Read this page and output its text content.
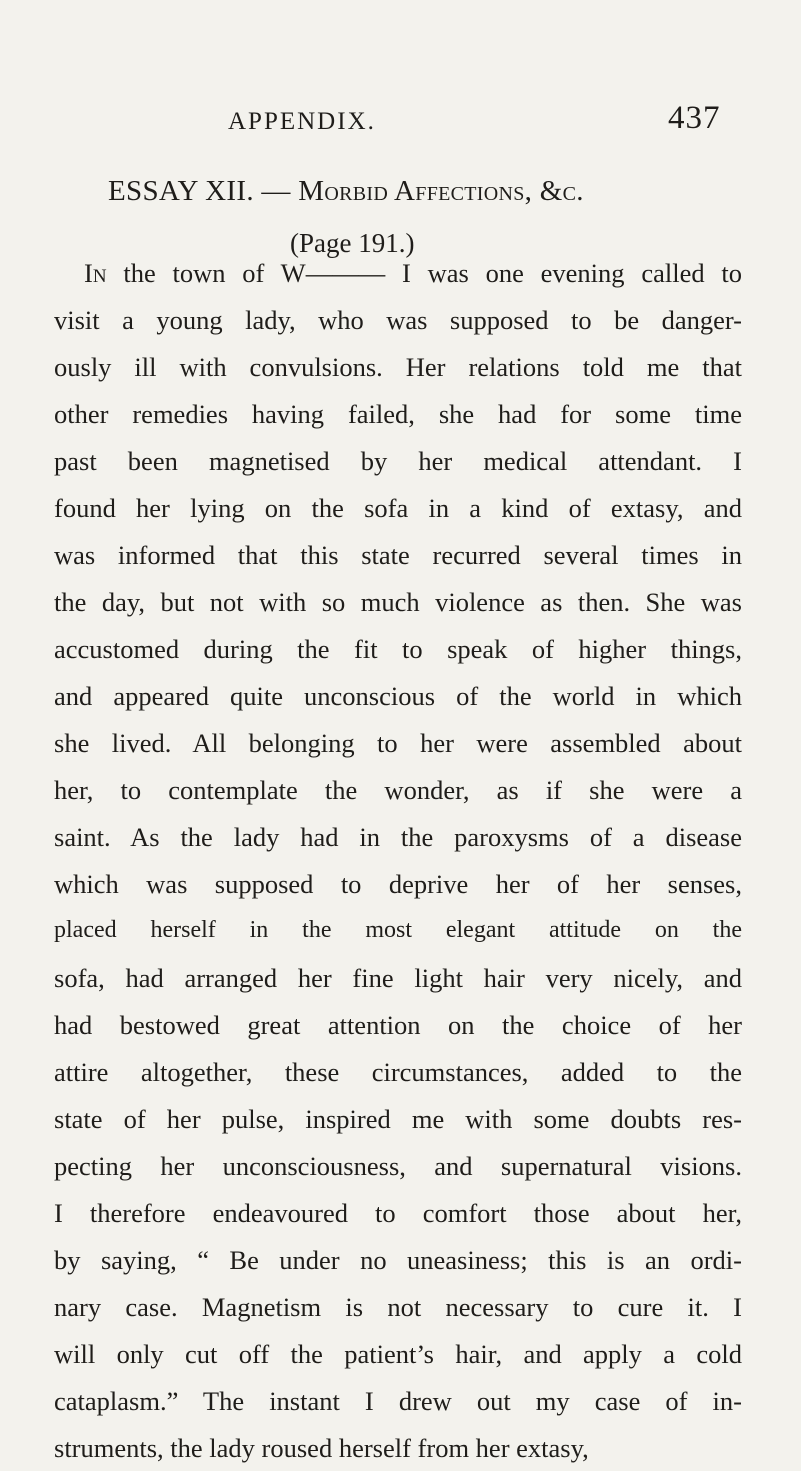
APPENDIX.	437
ESSAY XII. — Morbid Affections, &c.
(Page 191.)
In the town of W——— I was one evening called to
visit a young lady, who was supposed to be danger-
ously ill with convulsions. Her relations told me that
other remedies having failed, she had for some time
past been magnetised by her medical attendant. I
found her lying on the sofa in a kind of extasy, and
was informed that this state recurred several times in
the day, but not with so much violence as then. She was
accustomed during the fit to speak of higher things,
and appeared quite unconscious of the world in which
she lived. All belonging to her were assembled about
her, to contemplate the wonder, as if she were a
saint. As the lady had in the paroxysms of a disease
which was supposed to deprive her of her senses,
placed herself in the most elegant attitude on the
sofa, had arranged her fine light hair very nicely, and
had bestowed great attention on the choice of her
attire altogether, these circumstances, added to the
state of her pulse, inspired me with some doubts res-
pecting her unconsciousness, and supernatural visions.
I therefore endeavoured to comfort those about her,
by saying, “ Be under no uneasiness; this is an ordi-
nary case. Magnetism is not necessary to cure it. I
will only cut off the patient’s hair, and apply a cold
cataplasm.” The instant I drew out my case of in-
struments, the lady roused herself from her extasy,
